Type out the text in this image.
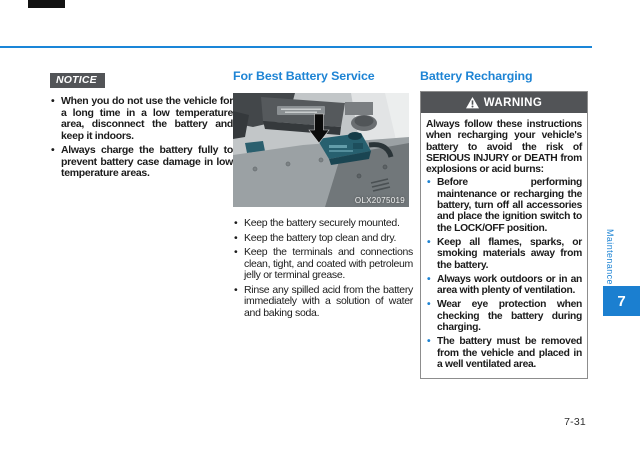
NOTICE
• When you do not use the vehicle for a long time in a low temperature area, disconnect the battery and keep it indoors.
• Always charge the battery fully to prevent battery case damage in low temperature areas.
For Best Battery Service
OLX2075019
• Keep the battery securely mounted.
• Keep the battery top clean and dry.
• Keep the terminals and connections clean, tight, and coated with petroleum jelly or terminal grease.
• Rinse any spilled acid from the battery immediately with a solution of water and baking soda.
Battery Recharging
WARNING

Always follow these instructions when recharging your vehicle's battery to avoid the risk of SERIOUS INJURY or DEATH from explosions or acid burns:

• Before performing maintenance or recharging the battery, turn off all accessories and place the ignition switch to the LOCK/OFF position.
• Keep all flames, sparks, or smoking materials away from the battery.
• Always work outdoors or in an area with plenty of ventilation.
• Wear eye protection when checking the battery during charging.
• The battery must be removed from the vehicle and placed in a well ventilated area.
Maintenance
7
7-31
